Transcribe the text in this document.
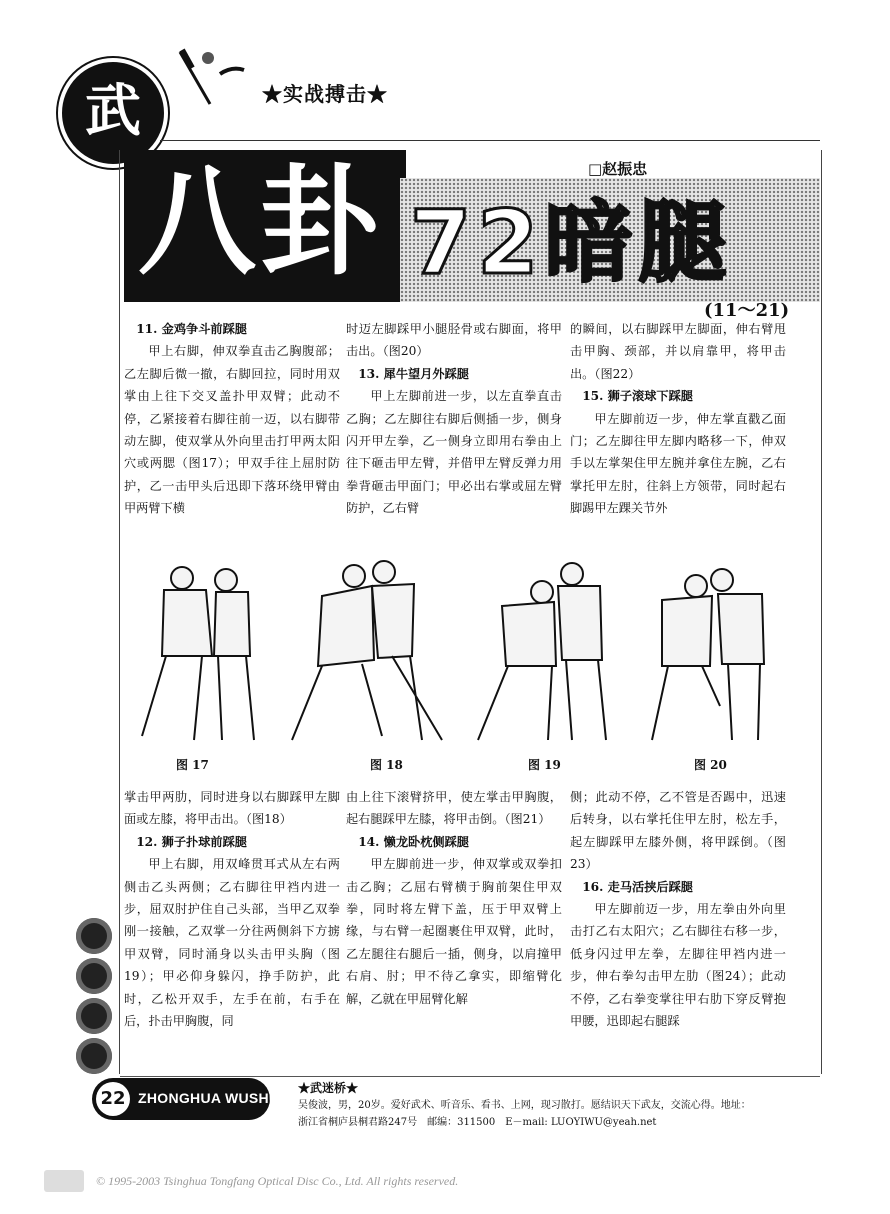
武	★实战搏击★
八卦 72暗腿
□赵振忠
(11～21)
11. 金鸡争斗前踩腿

甲上右脚，伸双拳直击乙胸腹部；乙左脚后微一撤，右脚回拉，同时用双掌由上往下交叉盖扑甲双臂；此动不停，乙紧接着右脚往前一迈，以右脚带动左脚，使双掌从外向里击打甲两太阳穴或两腮（图17）；甲双手往上屈肘防护，乙一击甲头后迅即下落环绕甲臂由甲两臂下横

时迈左脚踩甲小腿胫骨或右脚面，将甲击出。（图20）

13. 犀牛望月外踩腿

甲上左脚前进一步，以左直拳直击乙胸；乙左脚往右脚后侧插一步，侧身闪开甲左拳，乙一侧身立即用右拳由上往下砸击甲左臂，并借甲左臂反弹力用拳背砸击甲面门；甲必出右掌或屈左臂防护，乙右臂

的瞬间，以右脚踩甲左脚面，伸右臂甩击甲胸、颈部，并以肩靠甲，将甲击出。（图22）

15. 狮子滚球下踩腿

甲左脚前迈一步，伸左掌直戳乙面门；乙左脚往甲左脚内略移一下，伸双手以左掌架住甲左腕并拿住左腕，乙右掌托甲左肘，往斜上方领带，同时起右脚踢甲左踝关节外

图 17	图 18	图 19	图 20

掌击甲两肋，同时进身以右脚踩甲左脚面或左膝，将甲击出。（图18）

12. 狮子扑球前踩腿

甲上右脚，用双峰贯耳式从左右两侧击乙头两侧；乙右脚往甲裆内进一步，屈双肘护住自己头部，当甲乙双拳刚一接触，乙双掌一分往两侧斜下方掳甲双臂，同时涌身以头击甲头胸（图19）；甲必仰身躲闪，挣手防护，此时，乙松开双手，左手在前，右手在后，扑击甲胸腹，同

由上往下滚臂挤甲，使左掌击甲胸腹，起右腿踩甲左膝，将甲击倒。（图21）

14. 懒龙卧枕侧踩腿

甲左脚前进一步，伸双掌或双拳扣击乙胸；乙屈右臂横于胸前架住甲双拳，同时将左臂下盖，压于甲双臂上缘，与右臂一起圈裹住甲双臂，此时，乙左腿往右腿后一插，侧身，以肩撞甲右肩、肘；甲不待乙拿实，即缩臂化解，乙就在甲屈臂化解

侧；此动不停，乙不管是否踢中，迅速后转身，以右掌托住甲左肘，松左手，起左脚踩甲左膝外侧，将甲踩倒。（图23）

16. 走马活挟后踩腿

甲左脚前迈一步，用左拳由外向里击打乙右太阳穴；乙右脚往右移一步，低身闪过甲左拳，左脚往甲裆内进一步，伸右拳勾击甲左肋（图24）；此动不停，乙右拳变掌往甲右肋下穿反臂抱甲腰，迅即起右腿踩

22 ZHONGHUA WUSHU
★武迷桥★
吴俊波，男，20岁。爱好武术、听音乐、看书、上网，现习散打。愿结识天下武友，交流心得。地址：
浙江省桐庐县桐君路247号　邮编：311500　E－mail: LUOYIWU@yeah.net
© 1995-2003 Tsinghua Tongfang Optical Disc Co., Ltd. All rights reserved.
